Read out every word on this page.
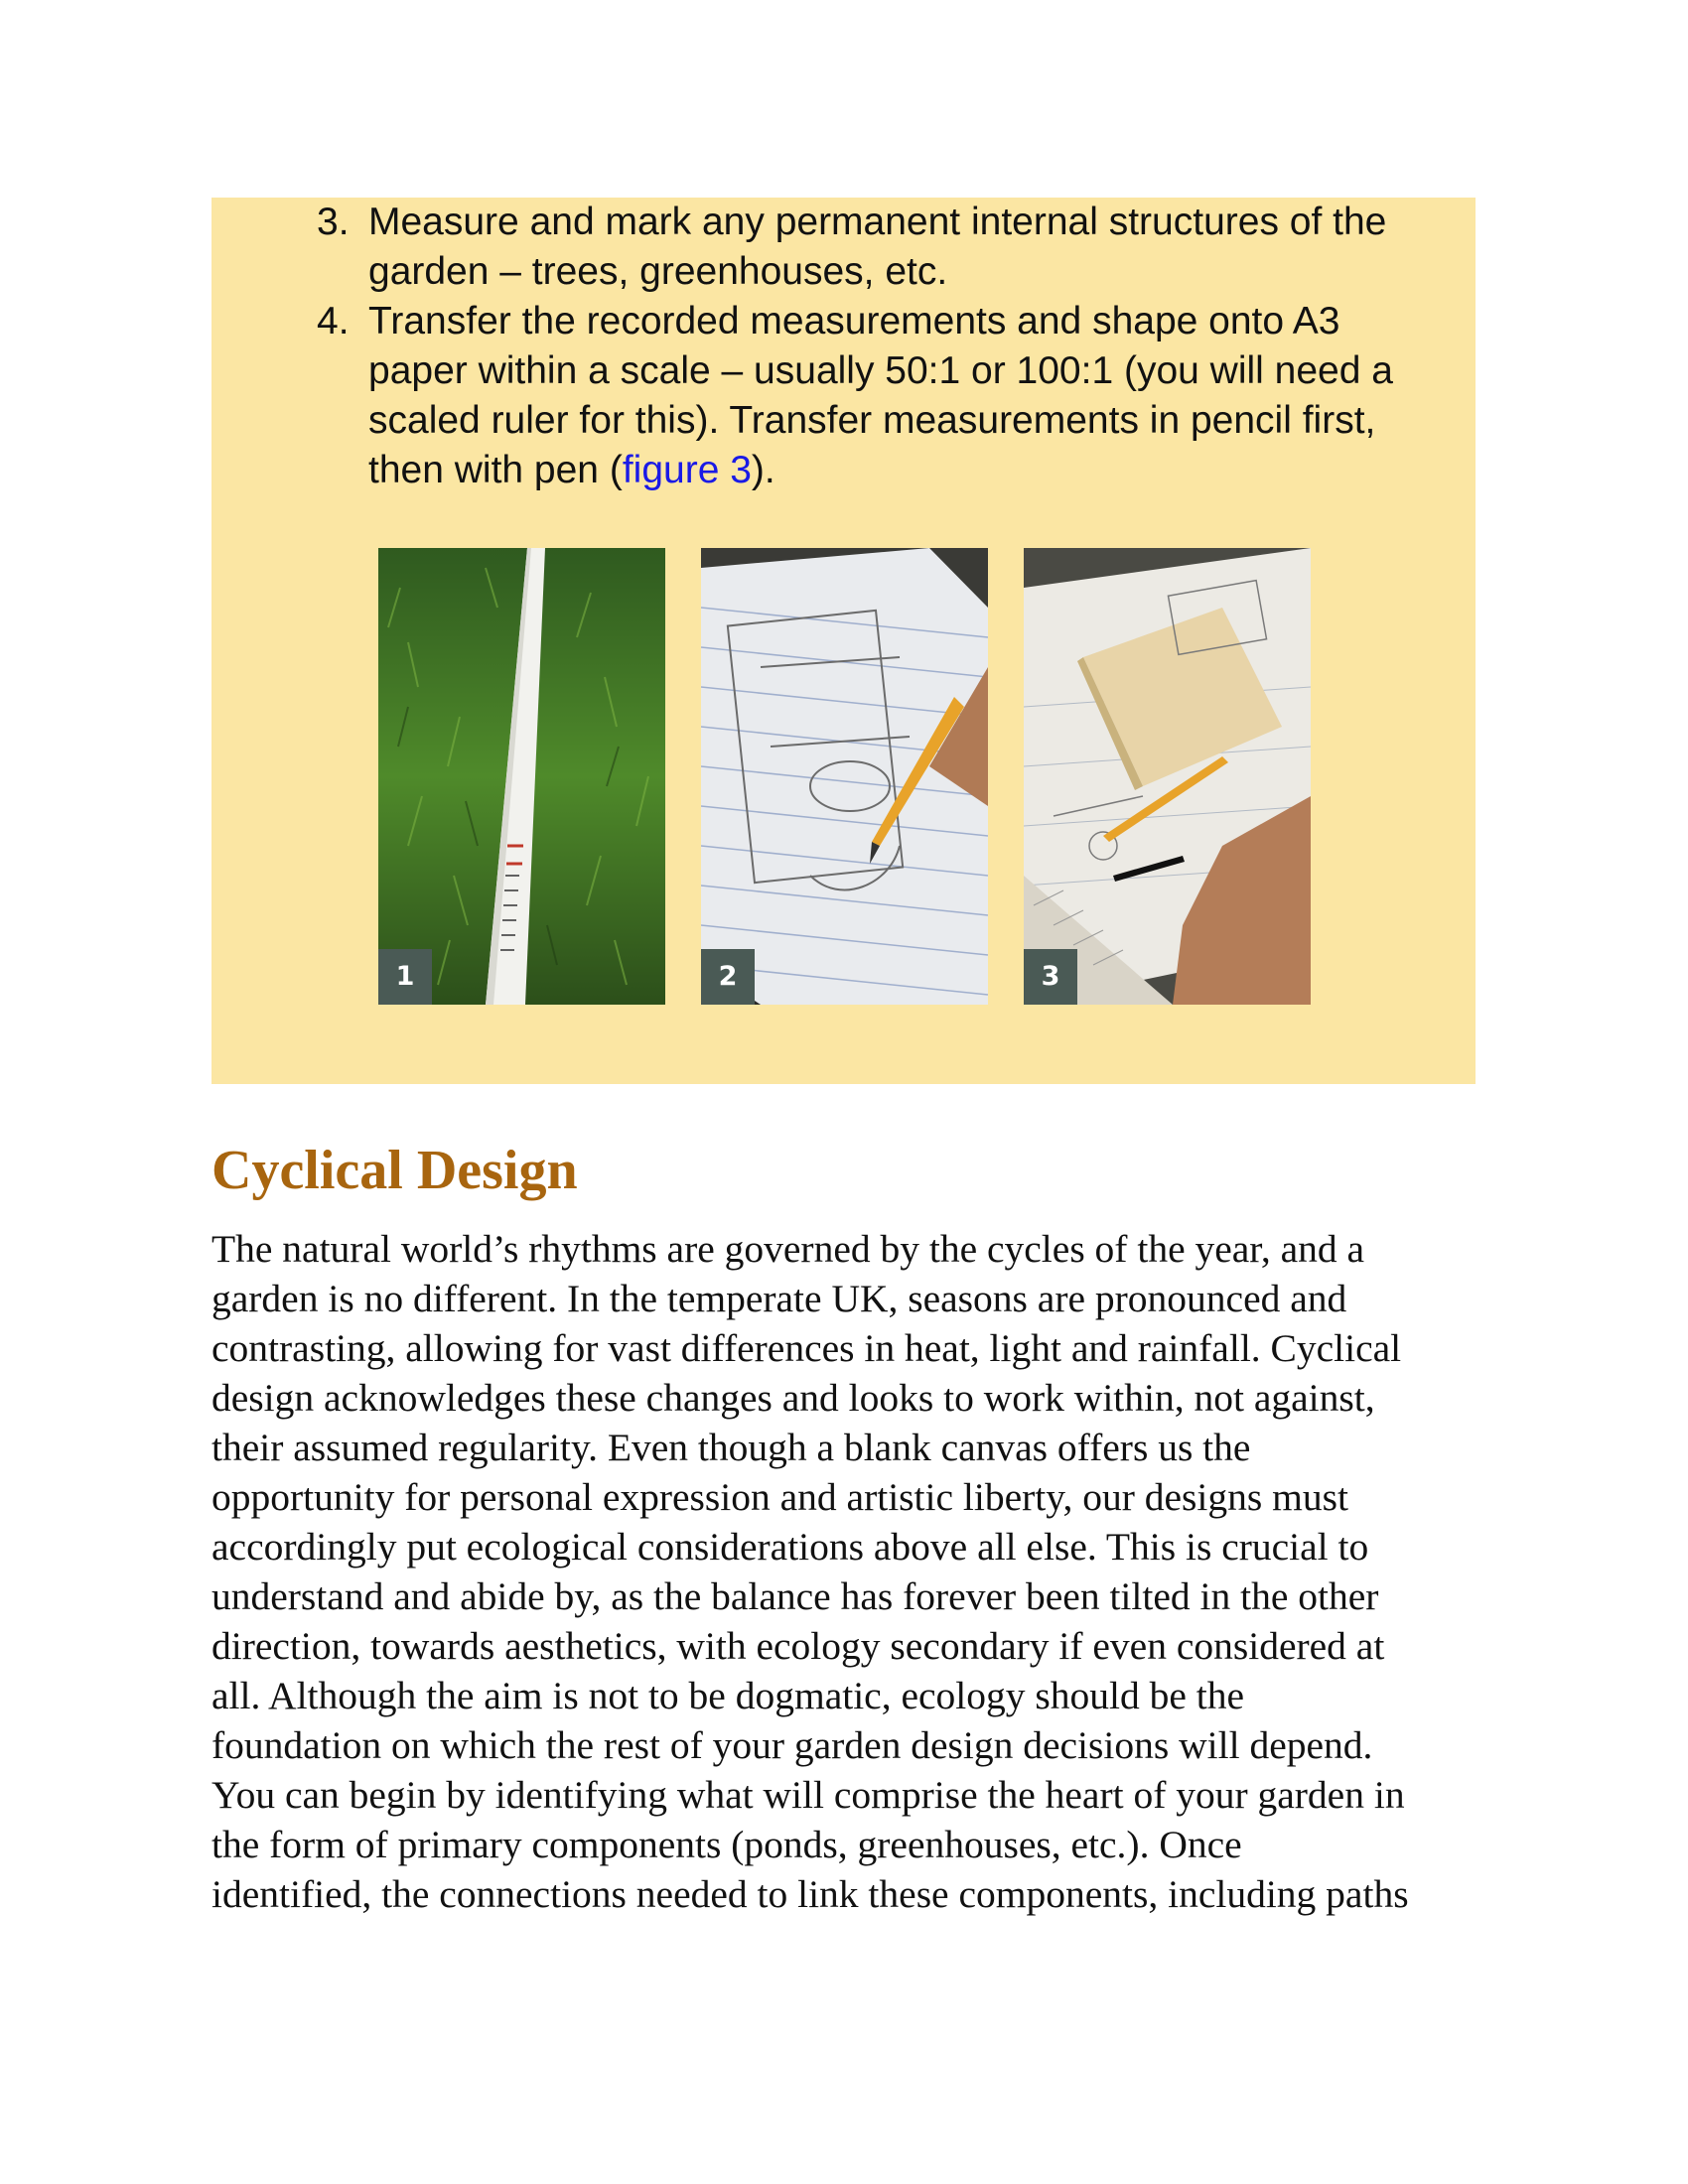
3. Measure and mark any permanent internal structures of the
garden – trees, greenhouses, etc.
4. Transfer the recorded measurements and shape onto A3
paper within a scale – usually 50:1 or 100:1 (you will need a
scaled ruler for this). Transfer measurements in pencil first,
then with pen (figure 3).
1	2	3
Cyclical Design

The natural world’s rhythms are governed by the cycles of the year, and a
garden is no different. In the temperate UK, seasons are pronounced and
contrasting, allowing for vast differences in heat, light and rainfall. Cyclical
design acknowledges these changes and looks to work within, not against,
their assumed regularity. Even though a blank canvas offers us the
opportunity for personal expression and artistic liberty, our designs must
accordingly put ecological considerations above all else. This is crucial to
understand and abide by, as the balance has forever been tilted in the other
direction, towards aesthetics, with ecology secondary if even considered at
all. Although the aim is not to be dogmatic, ecology should be the
foundation on which the rest of your garden design decisions will depend.
You can begin by identifying what will comprise the heart of your garden in
the form of primary components (ponds, greenhouses, etc.). Once
identified, the connections needed to link these components, including paths
